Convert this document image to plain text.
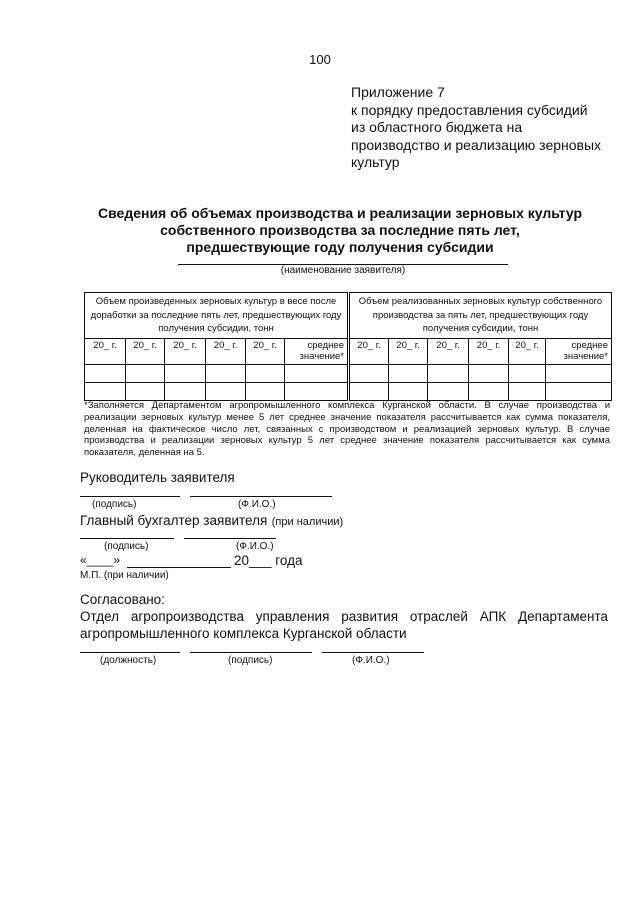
100
Приложение 7
к порядку предоставления субсидий
из областного бюджета на
производство и реализацию зерновых
культур
Сведения об объемах производства и реализации зерновых культур
собственного производства за последние пять лет,
предшествующие году получения субсидии
(наименование заявителя)
Объем произведенных зерновых культур в весе после доработки за последние пять лет, предшествующих году получения субсидии, тонн						Объем реализованных зерновых культур собственного производства за пять лет, предшествующих году получения субсидии, тонн					
20_ г.	20_ г.	20_ г.	20_ г.	20_ г.	среднее значение*	20_ г.	20_ г.	20_ г.	20_ г.	20_ г.	среднее значение*

*Заполняется Департаментом агропромышленного комплекса Курганской области. В случае производства и реализации зерновых культур менее 5 лет среднее значение показателя рассчитывается как сумма показателя, деленная на фактическое число лет, связанных с производством и реализацией зерновых культур. В случае производства и реализации зерновых культур 5 лет среднее значение показателя рассчитывается как сумма показателя, деленная на 5.
Руководитель заявителя
(подпись)	(Ф.И.О.)
Главный бухгалтер заявителя (при наличии)
(подпись)	(Ф.И.О.)
«____»	20___ года
М.П. (при наличии)
Согласовано:
Отдел агропроизводства управления развития отраслей АПК Департамента агропромышленного комплекса Курганской области
(должность)	(подпись)	(Ф.И.О.)
